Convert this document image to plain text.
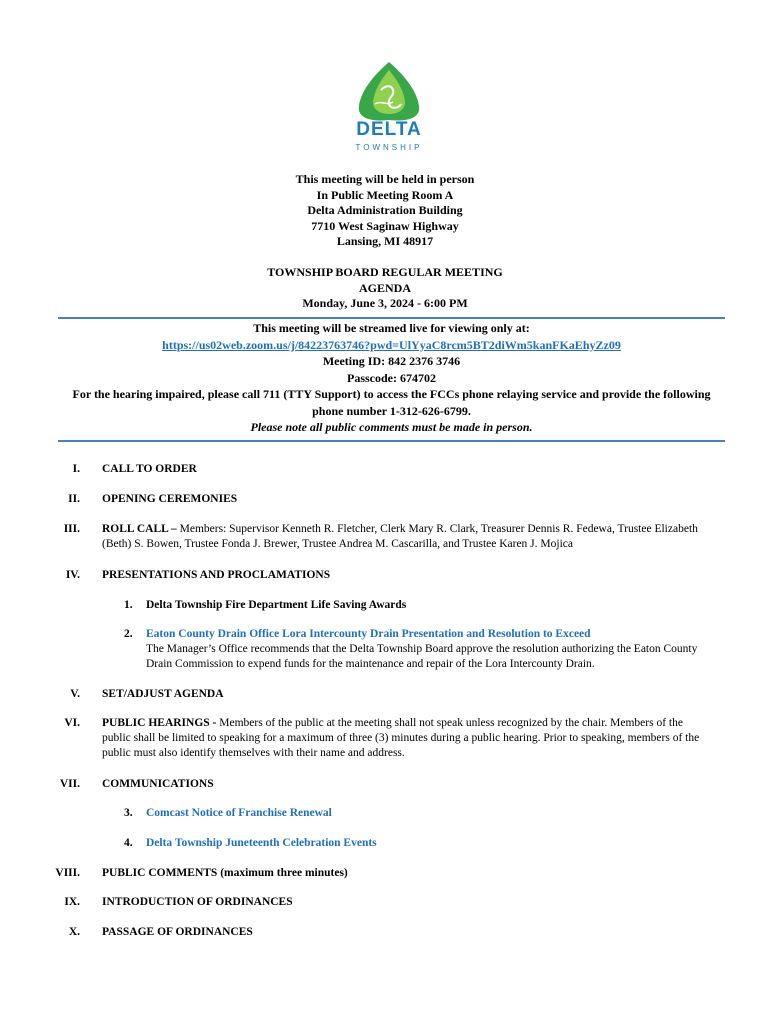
DELTA
TOWNSHIP
This meeting will be held in person
In Public Meeting Room A
Delta Administration Building
7710 West Saginaw Highway
Lansing, MI 48917
TOWNSHIP BOARD REGULAR MEETING
AGENDA
Monday, June 3, 2024 - 6:00 PM
This meeting will be streamed live for viewing only at:
https://us02web.zoom.us/j/84223763746?pwd=UlYyaC8rcm5BT2diWm5kanFKaEhyZz09
Meeting ID: 842 2376 3746
Passcode: 674702
For the hearing impaired, please call 711 (TTY Support) to access the FCCs phone relaying service and provide the following phone number 1-312-626-6799.
Please note all public comments must be made in person.
I. CALL TO ORDER
II. OPENING CEREMONIES
III. ROLL CALL – Members: Supervisor Kenneth R. Fletcher, Clerk Mary R. Clark, Treasurer Dennis R. Fedewa, Trustee Elizabeth (Beth) S. Bowen, Trustee Fonda J. Brewer, Trustee Andrea M. Cascarilla, and Trustee Karen J. Mojica
IV. PRESENTATIONS AND PROCLAMATIONS
1. Delta Township Fire Department Life Saving Awards
2. Eaton County Drain Office Lora Intercounty Drain Presentation and Resolution to Exceed
The Manager’s Office recommends that the Delta Township Board approve the resolution authorizing the Eaton County Drain Commission to expend funds for the maintenance and repair of the Lora Intercounty Drain.
V. SET/ADJUST AGENDA
VI. PUBLIC HEARINGS - Members of the public at the meeting shall not speak unless recognized by the chair. Members of the public shall be limited to speaking for a maximum of three (3) minutes during a public hearing. Prior to speaking, members of the public must also identify themselves with their name and address.
VII. COMMUNICATIONS
3. Comcast Notice of Franchise Renewal
4. Delta Township Juneteenth Celebration Events
VIII. PUBLIC COMMENTS (maximum three minutes)
IX. INTRODUCTION OF ORDINANCES
X. PASSAGE OF ORDINANCES
